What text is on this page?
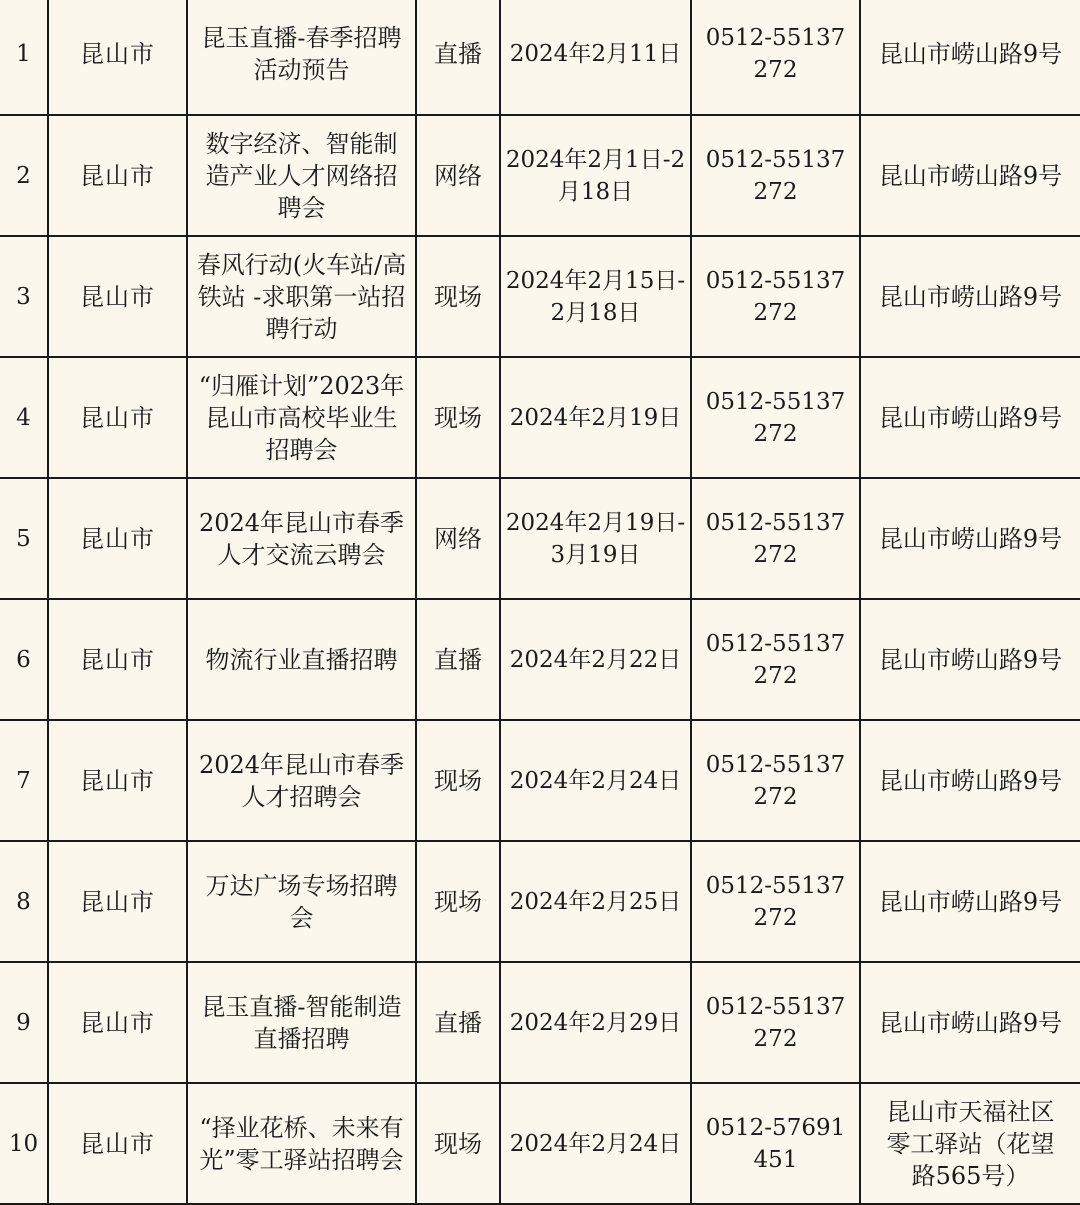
1	昆山市	昆玉直播-春季招聘活动预告	直播	2024年2月11日	0512-55137272	昆山市崂山路9号
2	昆山市	数字经济、智能制造产业人才网络招聘会	网络	2024年2月1日-2月18日	0512-55137272	昆山市崂山路9号
3	昆山市	春风行动(火车站/高铁站 -求职第一站招聘行动	现场	2024年2月15日-2月18日	0512-55137272	昆山市崂山路9号
4	昆山市	“归雁计划”2023年昆山市高校毕业生招聘会	现场	2024年2月19日	0512-55137272	昆山市崂山路9号
5	昆山市	2024年昆山市春季人才交流云聘会	网络	2024年2月19日-3月19日	0512-55137272	昆山市崂山路9号
6	昆山市	物流行业直播招聘	直播	2024年2月22日	0512-55137272	昆山市崂山路9号
7	昆山市	2024年昆山市春季人才招聘会	现场	2024年2月24日	0512-55137272	昆山市崂山路9号
8	昆山市	万达广场专场招聘会	现场	2024年2月25日	0512-55137272	昆山市崂山路9号
9	昆山市	昆玉直播-智能制造直播招聘	直播	2024年2月29日	0512-55137272	昆山市崂山路9号
10	昆山市	“择业花桥、未来有光”零工驿站招聘会	现场	2024年2月24日	0512-57691451	昆山市天福社区零工驿站（花望路565号）
